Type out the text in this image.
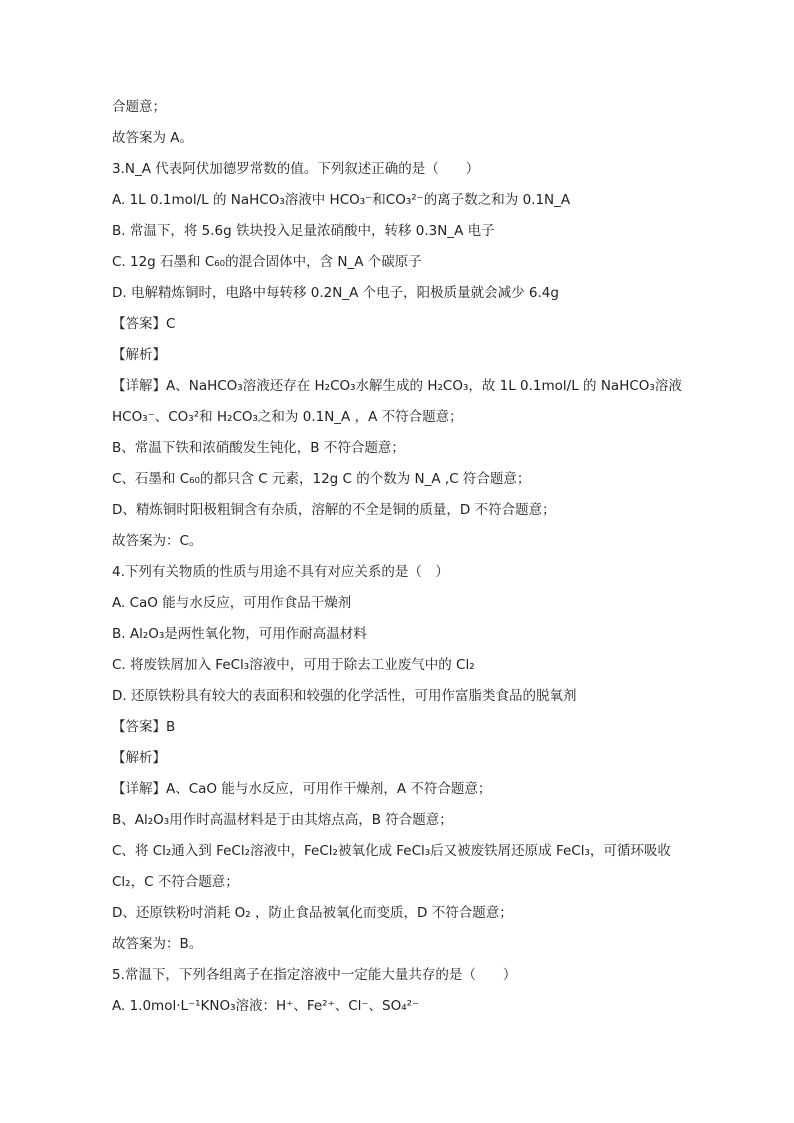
合题意；
故答案为 A。
3.N_A 代表阿伏加德罗常数的值。下列叙述正确的是（　　）
A. 1L 0.1mol/L 的 NaHCO₃溶液中 HCO₃⁻和CO₃²⁻的离子数之和为 0.1N_A
B. 常温下，将 5.6g 铁块投入足量浓硝酸中，转移 0.3N_A 电子
C. 12g 石墨和 C₆₀的混合固体中，含 N_A 个碳原子
D. 电解精炼铜时，电路中每转移 0.2N_A 个电子，阳极质量就会减少 6.4g
【答案】C
【解析】
【详解】A、NaHCO₃溶液还存在 H₂CO₃水解生成的 H₂CO₃，故 1L 0.1mol/L 的 NaHCO₃溶液
HCO₃⁻、CO₃²和 H₂CO₃之和为 0.1N_A ，A 不符合题意；
B、常温下铁和浓硝酸发生钝化，B 不符合题意；
C、石墨和 C₆₀的都只含 C 元素，12g C 的个数为 N_A ,C 符合题意；
D、精炼铜时阳极粗铜含有杂质，溶解的不全是铜的质量，D 不符合题意；
故答案为：C。
4.下列有关物质的性质与用途不具有对应关系的是（　）
A. CaO 能与水反应，可用作食品干燥剂
B. Al₂O₃是两性氧化物，可用作耐高温材料
C. 将废铁屑加入 FeCl₃溶液中，可用于除去工业废气中的 Cl₂
D. 还原铁粉具有较大的表面积和较强的化学活性，可用作富脂类食品的脱氧剂
【答案】B
【解析】
【详解】A、CaO 能与水反应，可用作干燥剂，A 不符合题意；
B、Al₂O₃用作时高温材料是于由其熔点高，B 符合题意；
C、将 Cl₂通入到 FeCl₂溶液中，FeCl₂被氧化成 FeCl₃后又被废铁屑还原成 FeCl₃，可循环吸收
Cl₂，C 不符合题意；
D、还原铁粉吋消耗 O₂ ，防止食品被氧化而变质，D 不符合题意；
故答案为：B。
5.常温下，下列各组离子在指定溶液中一定能大量共存的是（　　）
A. 1.0mol·L⁻¹KNO₃溶液：H⁺、Fe²⁺、Cl⁻、SO₄²⁻
